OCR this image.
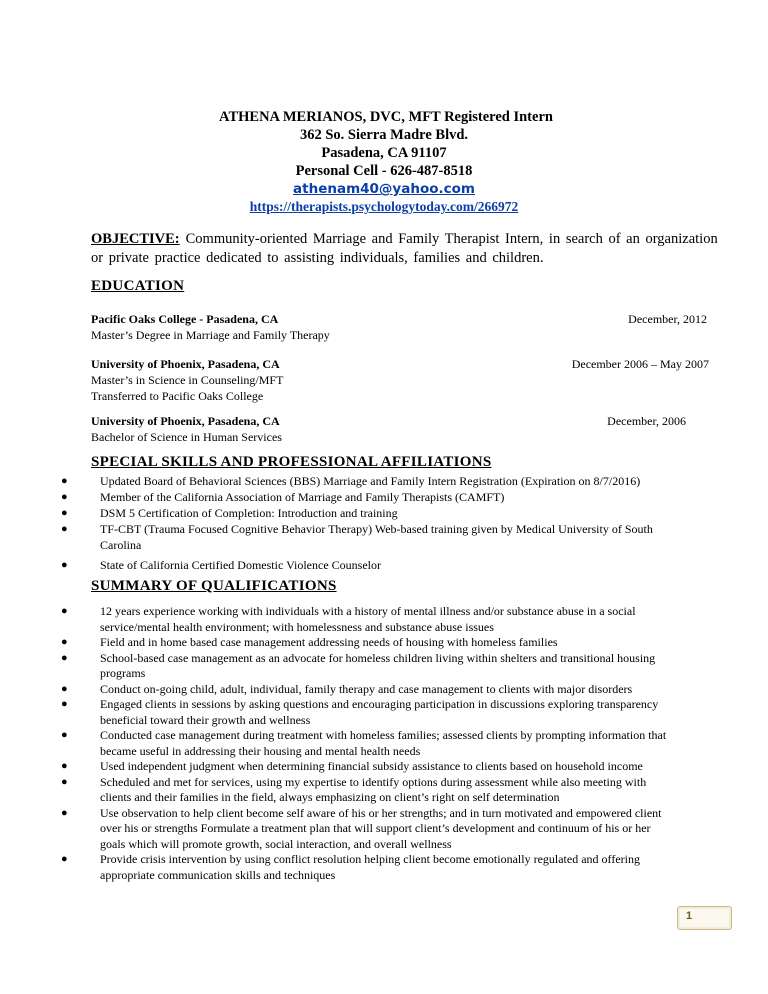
ATHENA MERIANOS, DVC, MFT Registered Intern
362 So. Sierra Madre Blvd.
Pasadena, CA 91107
Personal Cell - 626-487-8518
athenam40@yahoo.com
https://therapists.psychologytoday.com/266972
OBJECTIVE: Community-oriented Marriage and Family Therapist Intern, in search of an organization or private practice dedicated to assisting individuals, families and children.
EDUCATION
Pacific Oaks College - Pasadena, CA	December, 2012
Master’s Degree in Marriage and Family Therapy
University of Phoenix, Pasadena, CA	December 2006 – May 2007
Master’s in Science in Counseling/MFT
Transferred to Pacific Oaks College
University of Phoenix, Pasadena, CA	December, 2006
Bachelor of Science in Human Services
SPECIAL SKILLS AND PROFESSIONAL AFFILIATIONS
●	Updated Board of Behavioral Sciences (BBS) Marriage and Family Intern Registration (Expiration on 8/7/2016)
●	Member of the California Association of Marriage and Family Therapists (CAMFT)
●	DSM 5 Certification of Completion: Introduction and training
●	TF-CBT (Trauma Focused Cognitive Behavior Therapy) Web-based training given by Medical University of South Carolina
●	State of California Certified Domestic Violence Counselor
SUMMARY OF QUALIFICATIONS
●	12 years experience working with individuals with a history of mental illness and/or substance abuse in a social service/mental health environment; with homelessness and substance abuse issues
●	Field and in home based case management addressing needs of housing with homeless families
●	School-based case management as an advocate for homeless children living within shelters and transitional housing programs
●	Conduct on-going child, adult, individual, family therapy and case management to clients with major disorders
●	Engaged clients in sessions by asking questions and encouraging participation in discussions exploring transparency beneficial toward their growth and wellness
●	Conducted case management during treatment with homeless families; assessed clients by prompting information that became useful in addressing their housing and mental health needs
●	Used independent judgment when determining financial subsidy assistance to clients based on household income
●	Scheduled and met for services, using my expertise to identify options during assessment while also meeting with clients and their families in the field, always emphasizing on client’s right on self determination
●	Use observation to help client become self aware of his or her strengths; and in turn motivated and empowered client over his or strengths Formulate a treatment plan that will support client’s development and continuum of his or her goals which will promote growth, social interaction, and overall wellness
●	Provide crisis intervention by using conflict resolution helping client become emotionally regulated and offering appropriate communication skills and techniques
1
